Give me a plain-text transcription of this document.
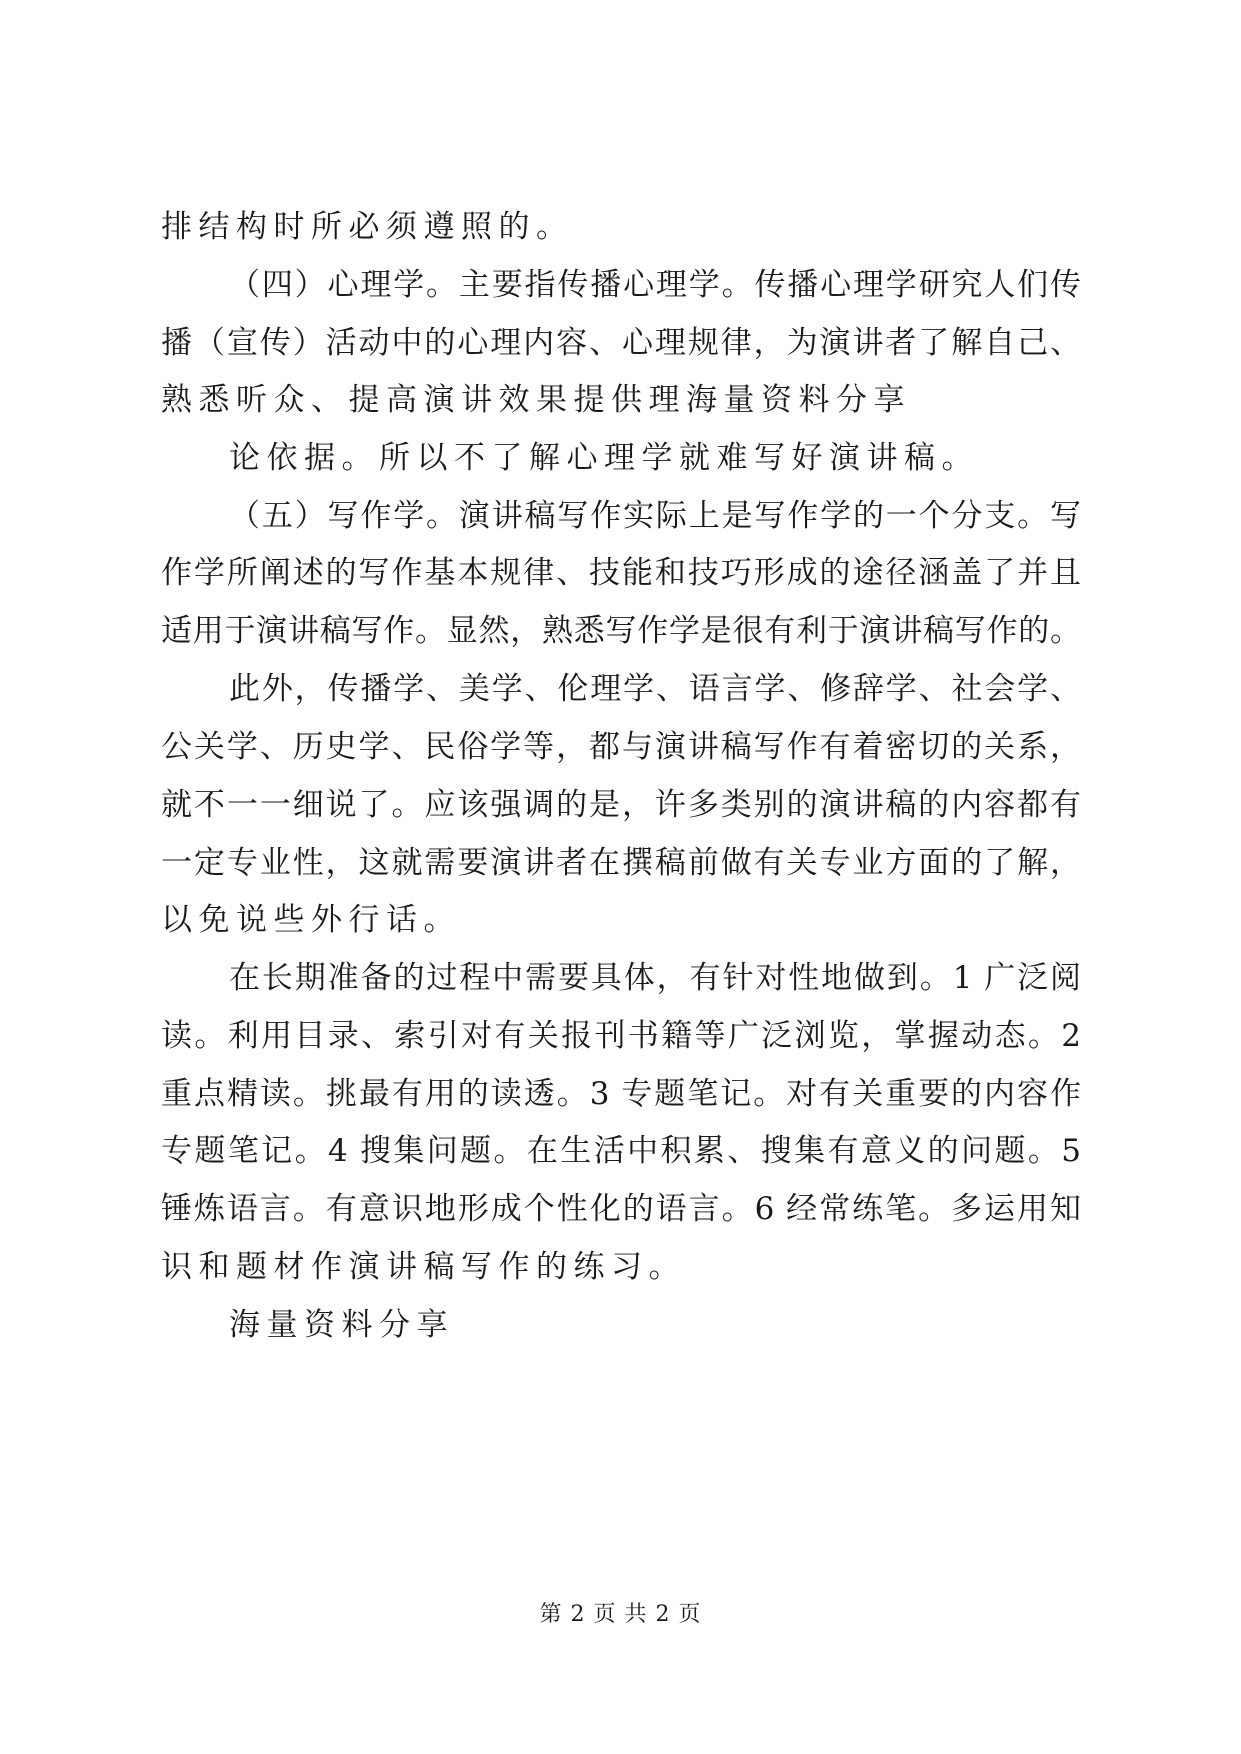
排结构时所必须遵照的。
（四）心理学。主要指传播心理学。传播心理学研究人们传
播（宣传）活动中的心理内容、心理规律，为演讲者了解自己、
熟悉听众、提高演讲效果提供理海量资料分享
论依据。所以不了解心理学就难写好演讲稿。
（五）写作学。演讲稿写作实际上是写作学的一个分支。写
作学所阐述的写作基本规律、技能和技巧形成的途径涵盖了并且
适用于演讲稿写作。显然，熟悉写作学是很有利于演讲稿写作的。
此外，传播学、美学、伦理学、语言学、修辞学、社会学、
公关学、历史学、民俗学等，都与演讲稿写作有着密切的关系，
就不一一细说了。应该强调的是，许多类别的演讲稿的内容都有
一定专业性，这就需要演讲者在撰稿前做有关专业方面的了解，
以免说些外行话。
在长期准备的过程中需要具体，有针对性地做到。1 广泛阅
读。利用目录、索引对有关报刊书籍等广泛浏览，掌握动态。2
重点精读。挑最有用的读透。3 专题笔记。对有关重要的内容作
专题笔记。4 搜集问题。在生活中积累、搜集有意义的问题。5
锤炼语言。有意识地形成个性化的语言。6 经常练笔。多运用知
识和题材作演讲稿写作的练习。
海量资料分享
第 2 页 共 2 页
